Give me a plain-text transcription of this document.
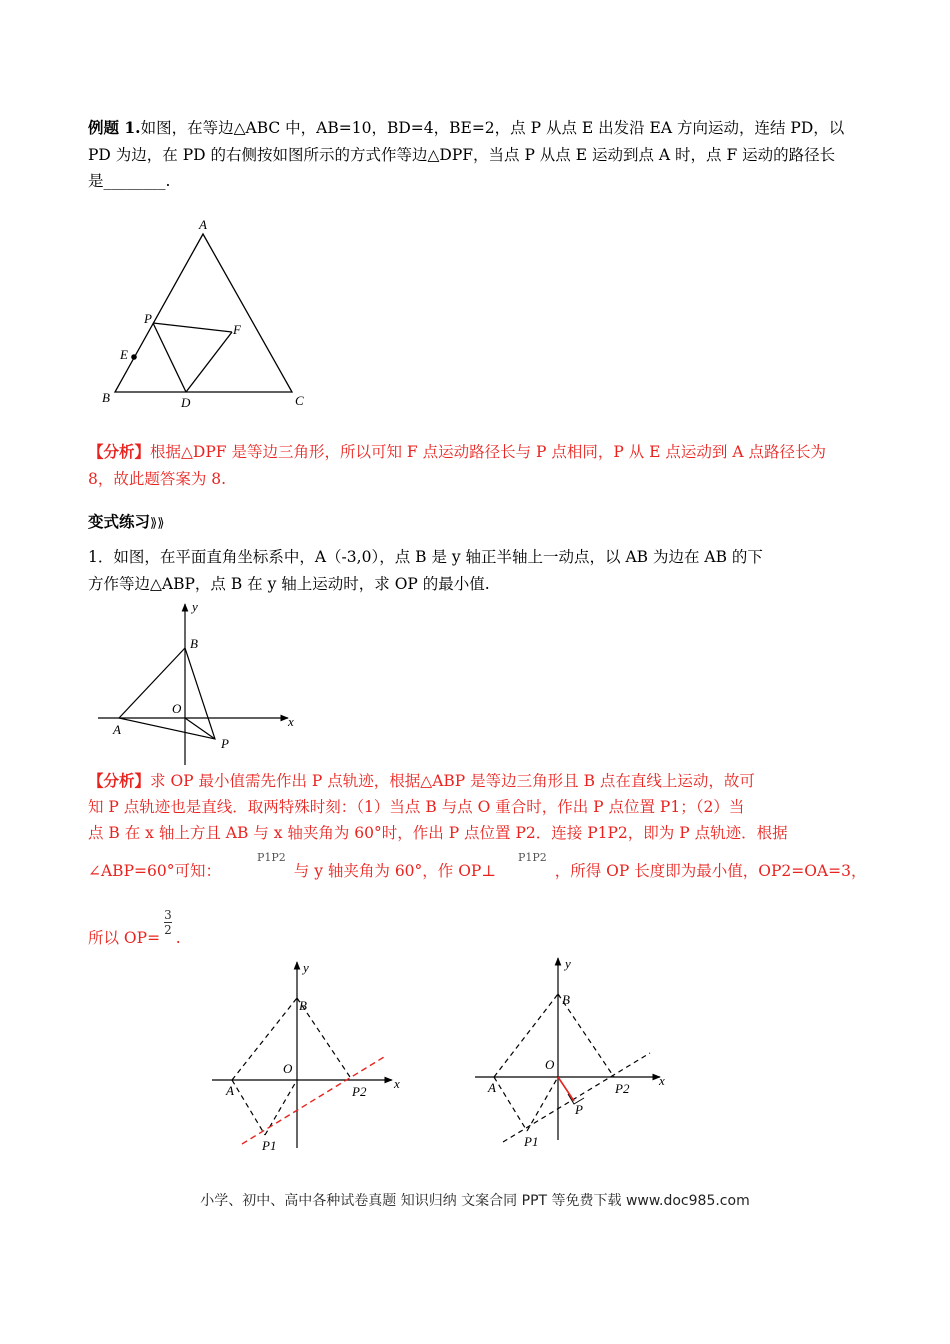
例题 1.如图，在等边△ABC 中，AB=10，BD=4，BE=2，点 P 从点 E 出发沿 EA 方向运动，连结 PD，以
PD 为边，在 PD 的右侧按如图所示的方式作等边△DPF，当点 P 从点 E 运动到点 A 时，点 F 运动的路径长
是________.
A
B	C
D
E
F
P
【分析】根据△DPF 是等边三角形，所以可知 F 点运动路径长与 P 点相同，P 从 E 点运动到 A 点路径长为
8，故此题答案为 8.
变式练习⟫⟫
1．如图，在平面直角坐标系中，A（-3,0），点 B 是 y 轴正半轴上一动点，以 AB 为边在 AB 的下
方作等边△ABP，点 B 在 y 轴上运动时，求 OP 的最小值.
y
x
B
O
A
P
【分析】求 OP 最小值需先作出 P 点轨迹，根据△ABP 是等边三角形且 B 点在直线上运动，故可
知 P 点轨迹也是直线．取两特殊时刻：（1）当点 B 与点 O 重合时，作出 P 点位置 P1；（2）当
点 B 在 x 轴上方且 AB 与 x 轴夹角为 60°时，作出 P 点位置 P2．连接 P1P2，即为 P 点轨迹．根据
∠ABP=60°可知：P1P2与 y 轴夹角为 60°，作 OP⊥P1P2，所得 OP 长度即为最小值，OP2=OA=3，
所以 OP=
$\frac{3}{2}$
.
y
x
B
O
A
P1
P2
y
x
B
O
A
P
P1
P2
小学、初中、高中各种试卷真题 知识归纳 文案合同 PPT 等免费下载 www.doc985.com
